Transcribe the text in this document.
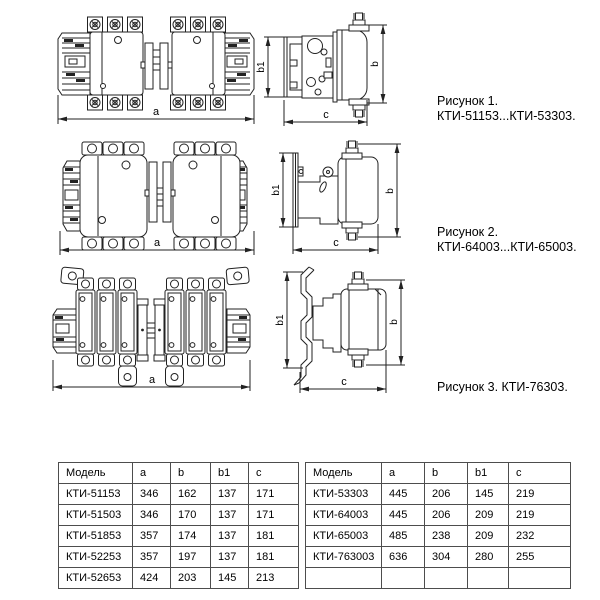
a
b1	b
c
Рисунок 1.
КТИ-51153...КТИ-53303.
a
b1	b
c
Рисунок 2.
КТИ-64003...КТИ-65003.
a
b1	b
c	Рисунок 3. КТИ-76303.
Модель	a	b	b1	c
КТИ-51153	346	162	137	171
КТИ-51503	346	170	137	171
КТИ-51853	357	174	137	181
КТИ-52253	357	197	137	181
КТИ-52653	424	203	145	213
Модель	a	b	b1	c
КТИ-53303	445	206	145	219
КТИ-64003	445	206	209	219
КТИ-65003	485	238	209	232
КТИ-763003	636	304	280	255
